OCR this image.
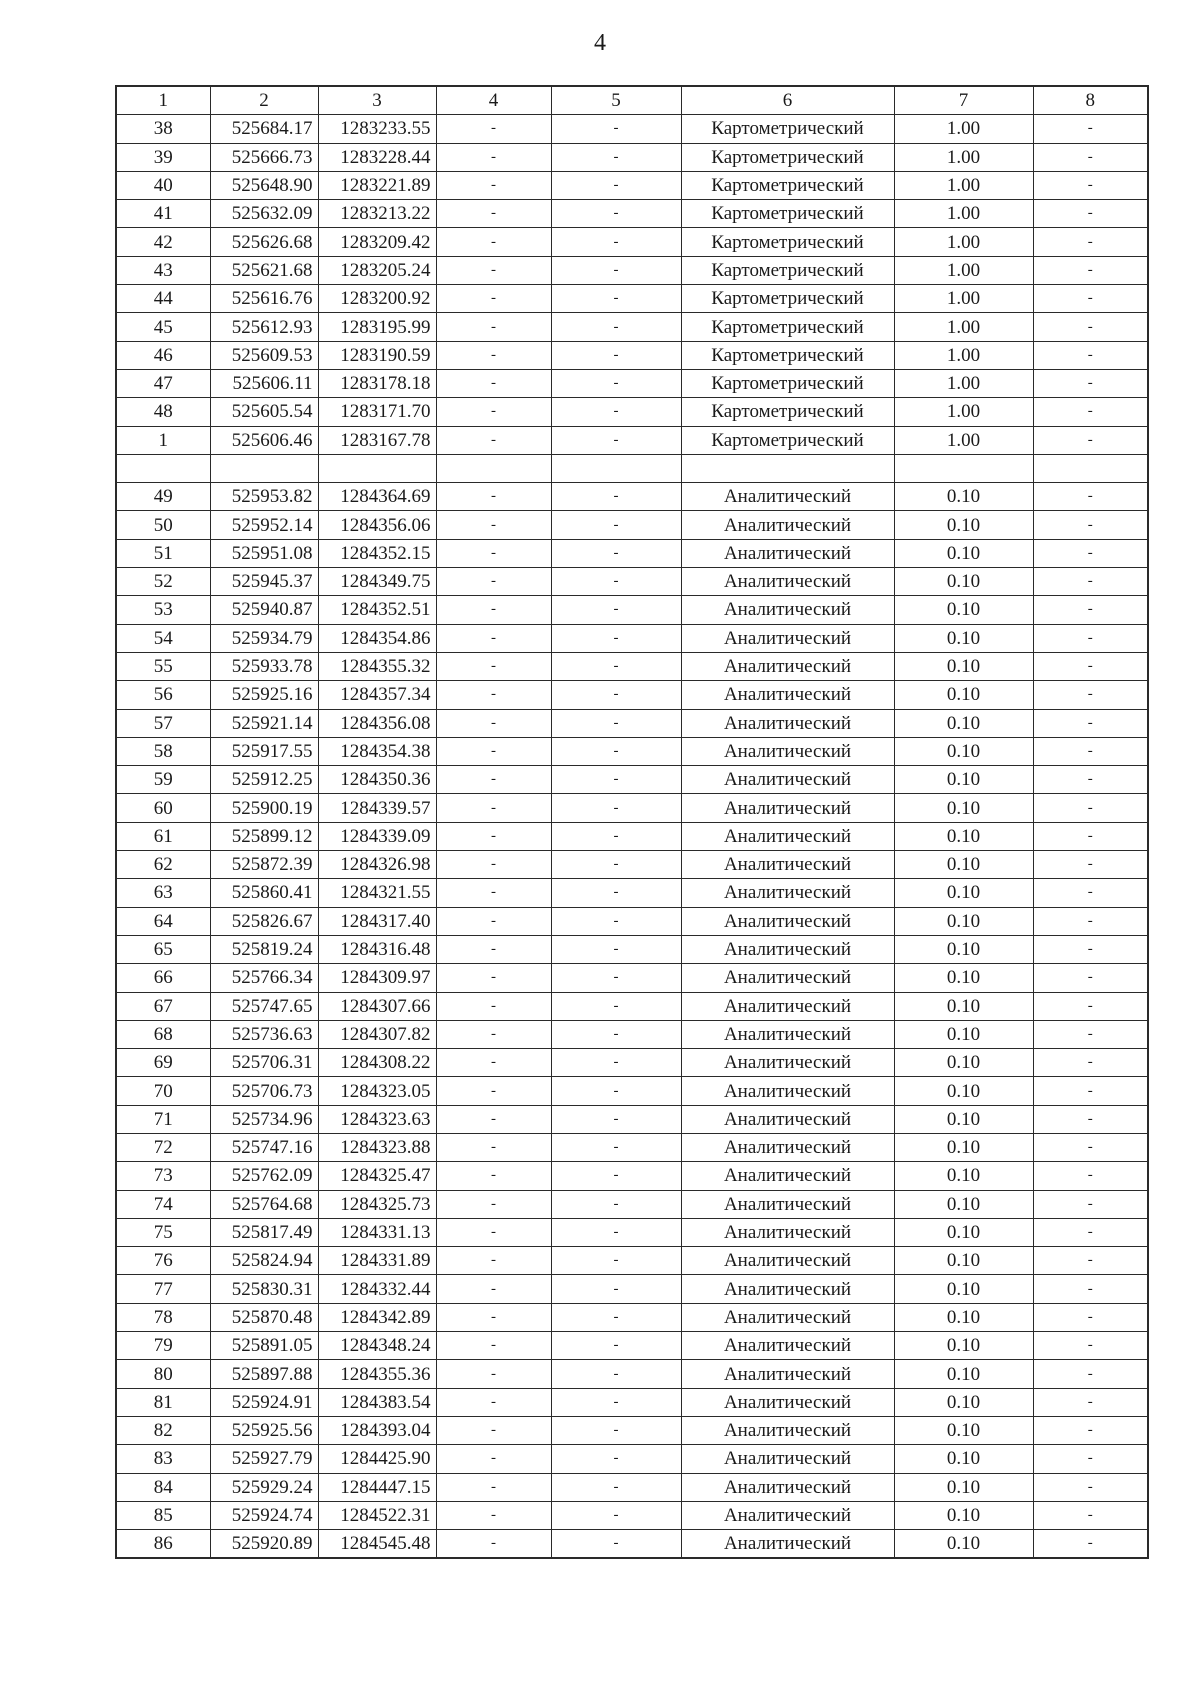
4
1	2	3	4	5	6	7	8
38	525684.17	1283233.55	-	-	Картометрический	1.00	-
39	525666.73	1283228.44	-	-	Картометрический	1.00	-
40	525648.90	1283221.89	-	-	Картометрический	1.00	-
41	525632.09	1283213.22	-	-	Картометрический	1.00	-
42	525626.68	1283209.42	-	-	Картометрический	1.00	-
43	525621.68	1283205.24	-	-	Картометрический	1.00	-
44	525616.76	1283200.92	-	-	Картометрический	1.00	-
45	525612.93	1283195.99	-	-	Картометрический	1.00	-
46	525609.53	1283190.59	-	-	Картометрический	1.00	-
47	525606.11	1283178.18	-	-	Картометрический	1.00	-
48	525605.54	1283171.70	-	-	Картометрический	1.00	-
1	525606.46	1283167.78	-	-	Картометрический	1.00	-

49	525953.82	1284364.69	-	-	Аналитический	0.10	-
50	525952.14	1284356.06	-	-	Аналитический	0.10	-
51	525951.08	1284352.15	-	-	Аналитический	0.10	-
52	525945.37	1284349.75	-	-	Аналитический	0.10	-
53	525940.87	1284352.51	-	-	Аналитический	0.10	-
54	525934.79	1284354.86	-	-	Аналитический	0.10	-
55	525933.78	1284355.32	-	-	Аналитический	0.10	-
56	525925.16	1284357.34	-	-	Аналитический	0.10	-
57	525921.14	1284356.08	-	-	Аналитический	0.10	-
58	525917.55	1284354.38	-	-	Аналитический	0.10	-
59	525912.25	1284350.36	-	-	Аналитический	0.10	-
60	525900.19	1284339.57	-	-	Аналитический	0.10	-
61	525899.12	1284339.09	-	-	Аналитический	0.10	-
62	525872.39	1284326.98	-	-	Аналитический	0.10	-
63	525860.41	1284321.55	-	-	Аналитический	0.10	-
64	525826.67	1284317.40	-	-	Аналитический	0.10	-
65	525819.24	1284316.48	-	-	Аналитический	0.10	-
66	525766.34	1284309.97	-	-	Аналитический	0.10	-
67	525747.65	1284307.66	-	-	Аналитический	0.10	-
68	525736.63	1284307.82	-	-	Аналитический	0.10	-
69	525706.31	1284308.22	-	-	Аналитический	0.10	-
70	525706.73	1284323.05	-	-	Аналитический	0.10	-
71	525734.96	1284323.63	-	-	Аналитический	0.10	-
72	525747.16	1284323.88	-	-	Аналитический	0.10	-
73	525762.09	1284325.47	-	-	Аналитический	0.10	-
74	525764.68	1284325.73	-	-	Аналитический	0.10	-
75	525817.49	1284331.13	-	-	Аналитический	0.10	-
76	525824.94	1284331.89	-	-	Аналитический	0.10	-
77	525830.31	1284332.44	-	-	Аналитический	0.10	-
78	525870.48	1284342.89	-	-	Аналитический	0.10	-
79	525891.05	1284348.24	-	-	Аналитический	0.10	-
80	525897.88	1284355.36	-	-	Аналитический	0.10	-
81	525924.91	1284383.54	-	-	Аналитический	0.10	-
82	525925.56	1284393.04	-	-	Аналитический	0.10	-
83	525927.79	1284425.90	-	-	Аналитический	0.10	-
84	525929.24	1284447.15	-	-	Аналитический	0.10	-
85	525924.74	1284522.31	-	-	Аналитический	0.10	-
86	525920.89	1284545.48	-	-	Аналитический	0.10	-
